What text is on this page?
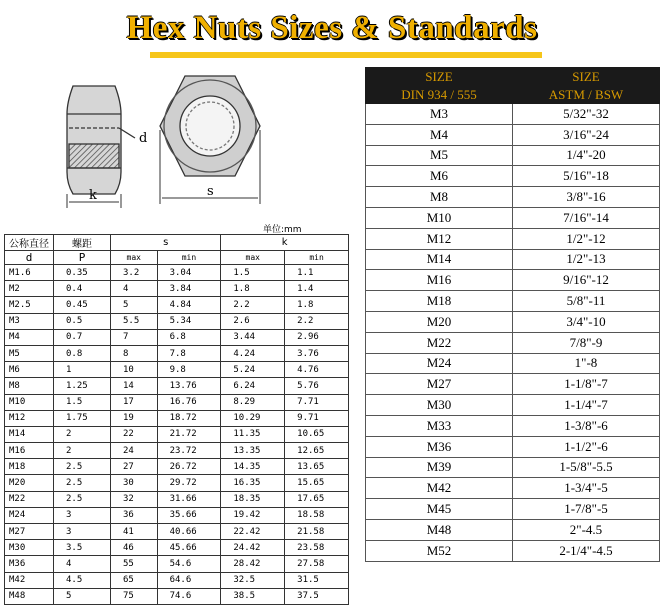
Hex Nuts Sizes & Standards
d
k	s
单位:mm
公称直径	螺距	s		k	
d	P	max	min	max	min
M1.6	0.35	3.2	3.04	1.5	1.1
M2	0.4	4	3.84	1.8	1.4
M2.5	0.45	5	4.84	2.2	1.8
M3	0.5	5.5	5.34	2.6	2.2
M4	0.7	7	6.8	3.44	2.96
M5	0.8	8	7.8	4.24	3.76
M6	1	10	9.8	5.24	4.76
M8	1.25	14	13.76	6.24	5.76
M10	1.5	17	16.76	8.29	7.71
M12	1.75	19	18.72	10.29	9.71
M14	2	22	21.72	11.35	10.65
M16	2	24	23.72	13.35	12.65
M18	2.5	27	26.72	14.35	13.65
M20	2.5	30	29.72	16.35	15.65
M22	2.5	32	31.66	18.35	17.65
M24	3	36	35.66	19.42	18.58
M27	3	41	40.66	22.42	21.58
M30	3.5	46	45.66	24.42	23.58
M36	4	55	54.6	28.42	27.58
M42	4.5	65	64.6	32.5	31.5
M48	5	75	74.6	38.5	37.5
SIZE	SIZE
DIN 934 / 555	ASTM / BSW
M3	5/32"-32
M4	3/16"-24
M5	1/4"-20
M6	5/16"-18
M8	3/8"-16
M10	7/16"-14
M12	1/2"-12
M14	1/2"-13
M16	9/16"-12
M18	5/8"-11
M20	3/4"-10
M22	7/8"-9
M24	1"-8
M27	1-1/8"-7
M30	1-1/4"-7
M33	1-3/8"-6
M36	1-1/2"-6
M39	1-5/8"-5.5
M42	1-3/4"-5
M45	1-7/8"-5
M48	2"-4.5
M52	2-1/4"-4.5
